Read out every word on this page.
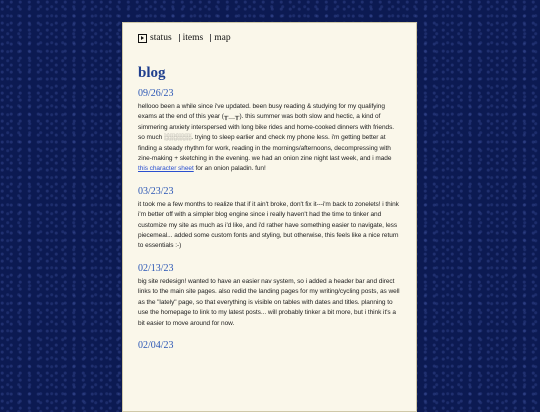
status items map
blog
09/26/23

hellooo been a while since i've updated. been busy reading & studying for my qualifying exams at the end of this year (╥﹏╥). this summer was both slow and hectic, a kind of simmering anxiety interspersed with long bike rides and home-cooked dinners with friends. so much ░░░░░░. trying to sleep earlier and check my phone less. i'm getting better at finding a steady rhythm for work, reading in the mornings/afternoons, decompressing with zine-making + sketching in the evening. we had an onion zine night last week, and i made this character sheet for an onion paladin. fun!

03/23/23

it took me a few months to realize that if it ain't broke, don't fix it---i'm back to zonelets! i think i'm better off with a simpler blog engine since i really haven't had the time to tinker and customize my site as much as i'd like, and i'd rather have something easier to navigate, less piecemeal... added some custom fonts and styling, but otherwise, this feels like a nice return to essentials :-)

02/13/23

big site redesign! wanted to have an easier nav system, so i added a header bar and direct links to the main site pages. also redid the landing pages for my writing/cycling posts, as well as the "lately" page, so that everything is visible on tables with dates and titles. planning to use the homepage to link to my latest posts... will probably tinker a bit more, but i think it's a bit easier to move around for now.

02/04/23
